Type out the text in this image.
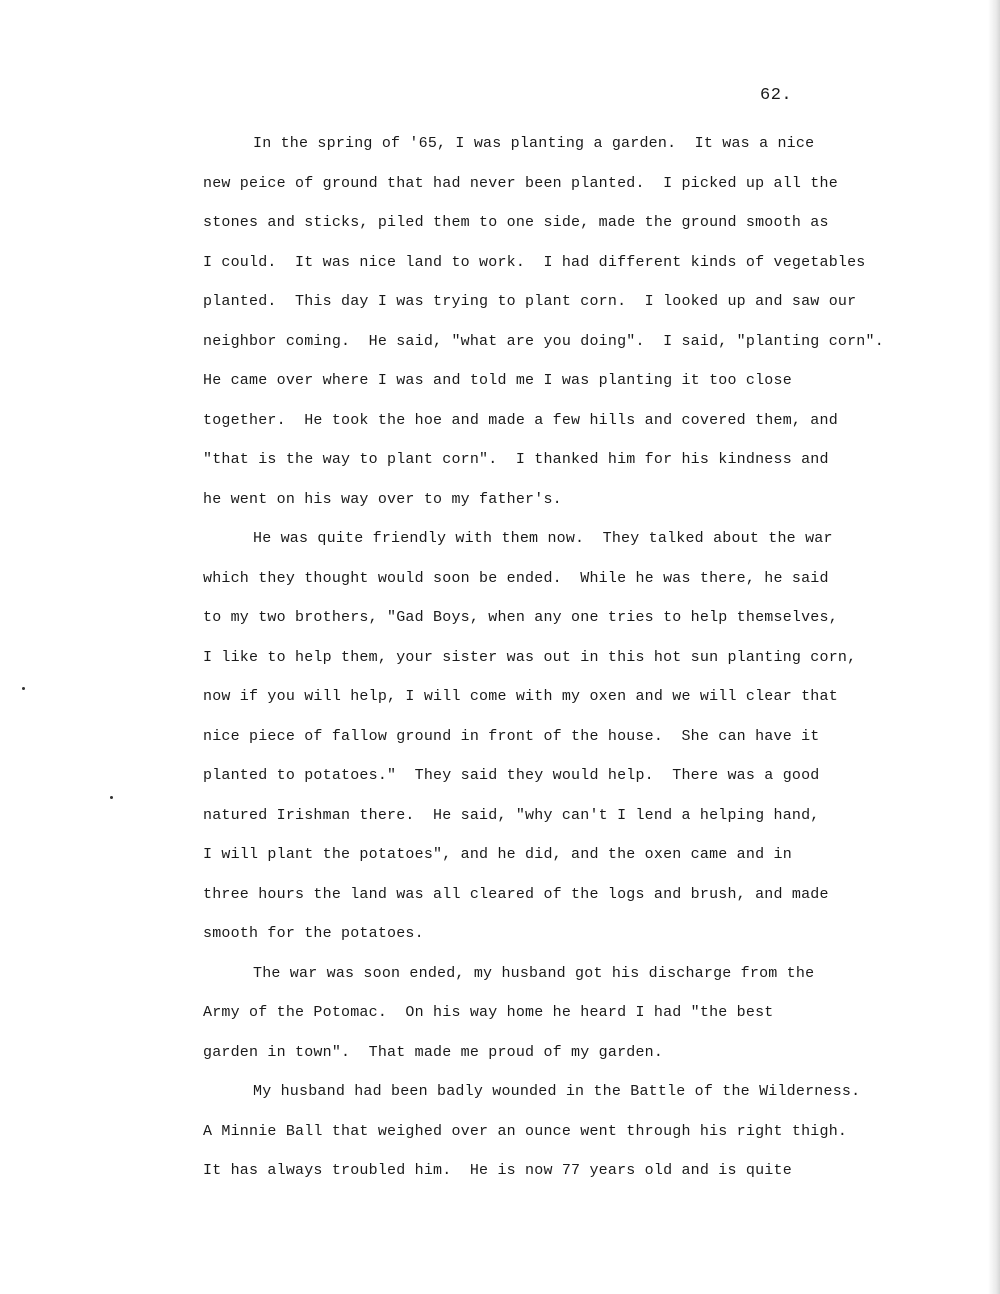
62.
In the spring of '65, I was planting a garden.  It was a nice
new peice of ground that had never been planted.  I picked up all the
stones and sticks, piled them to one side, made the ground smooth as
I could.  It was nice land to work.  I had different kinds of vegetables
planted.  This day I was trying to plant corn.  I looked up and saw our
neighbor coming.  He said, "what are you doing".  I said, "planting corn".
He came over where I was and told me I was planting it too close
together.  He took the hoe and made a few hills and covered them, and
"that is the way to plant corn".  I thanked him for his kindness and
he went on his way over to my father's.
He was quite friendly with them now.  They talked about the war
which they thought would soon be ended.  While he was there, he said
to my two brothers, "Gad Boys, when any one tries to help themselves,
I like to help them, your sister was out in this hot sun planting corn,
now if you will help, I will come with my oxen and we will clear that
nice piece of fallow ground in front of the house.  She can have it
planted to potatoes."  They said they would help.  There was a good
natured Irishman there.  He said, "why can't I lend a helping hand,
I will plant the potatoes", and he did, and the oxen came and in
three hours the land was all cleared of the logs and brush, and made
smooth for the potatoes.
The war was soon ended, my husband got his discharge from the
Army of the Potomac.  On his way home he heard I had "the best
garden in town".  That made me proud of my garden.
My husband had been badly wounded in the Battle of the Wilderness.
A Minnie Ball that weighed over an ounce went through his right thigh.
It has always troubled him.  He is now 77 years old and is quite
